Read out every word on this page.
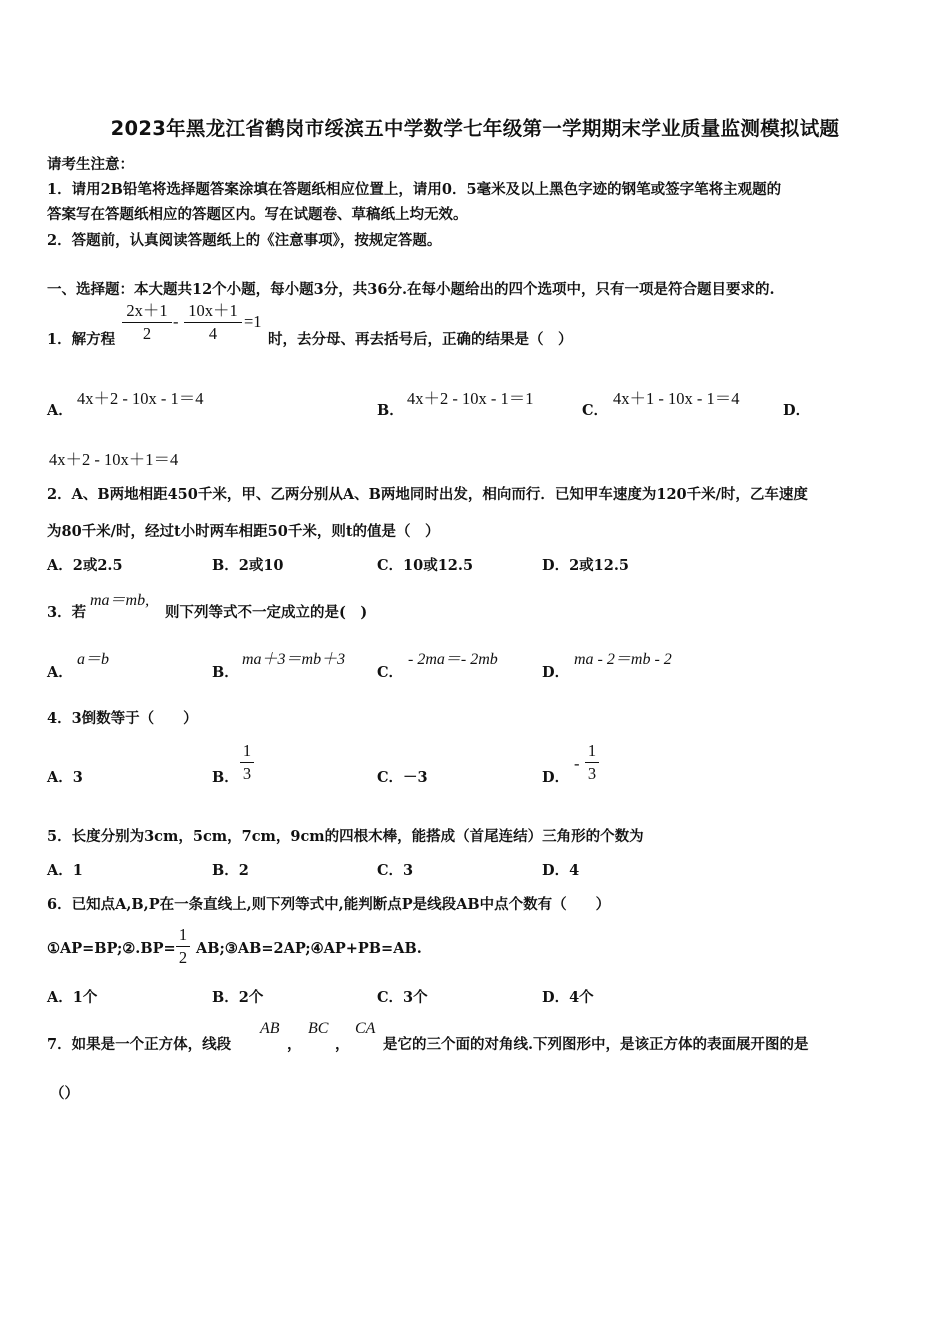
2023年黑龙江省鹤岗市绥滨五中学数学七年级第一学期期末学业质量监测模拟试题
请考生注意：
1．请用2B铅笔将选择题答案涂填在答题纸相应位置上，请用0．5毫米及以上黑色字迹的钢笔或签字笔将主观题的
答案写在答题纸相应的答题区内。写在试题卷、草稿纸上均无效。
2．答题前，认真阅读答题纸上的《注意事项》，按规定答题。
一、选择题：本大题共12个小题，每小题3分，共36分.在每小题给出的四个选项中，只有一项是符合题目要求的.
1．解方程
2x＋1
2
-
10x＋1
4
=1
时，去分母、再去括号后，正确的结果是（　）
A．
4x＋2 - 10x - 1＝4
B．
4x＋2 - 10x - 1＝1
C．
4x＋1 - 10x - 1＝4
D．
4x＋2 - 10x＋1＝4
2．A、B两地相距450千米，甲、乙两分别从A、B两地同时出发，相向而行．已知甲车速度为120千米/时，乙车速度
为80千米/时，经过t小时两车相距50千米，则t的值是（　）
A．2或2.5	B．2或10	C．10或12.5	D．2或12.5
3．若
ma＝mb,
则下列等式不一定成立的是(　)
A．
a＝b
B．
ma＋3＝mb＋3
C．
- 2ma＝- 2mb
D．
ma - 2＝mb - 2
4．3倒数等于（　　）
A．3	B．
1
3	C．－3	D．
-
1
3
5．长度分别为3cm，5cm，7cm，9cm的四根木棒，能搭成（首尾连结）三角形的个数为
A．1	B．2	C．3	D．4
6．已知点A,B,P在一条直线上,则下列等式中,能判断点P是线段AB中点个数有（　　）
①AP=BP;②.BP=
1
2 AB;③AB=2AP;④AP+PB=AB.
A．1个	B．2个	C．3个	D．4个
7．如果是一个正方体，线段
AB
，
BC
，
CA
是它的三个面的对角线.下列图形中，是该正方体的表面展开图的是
（）
